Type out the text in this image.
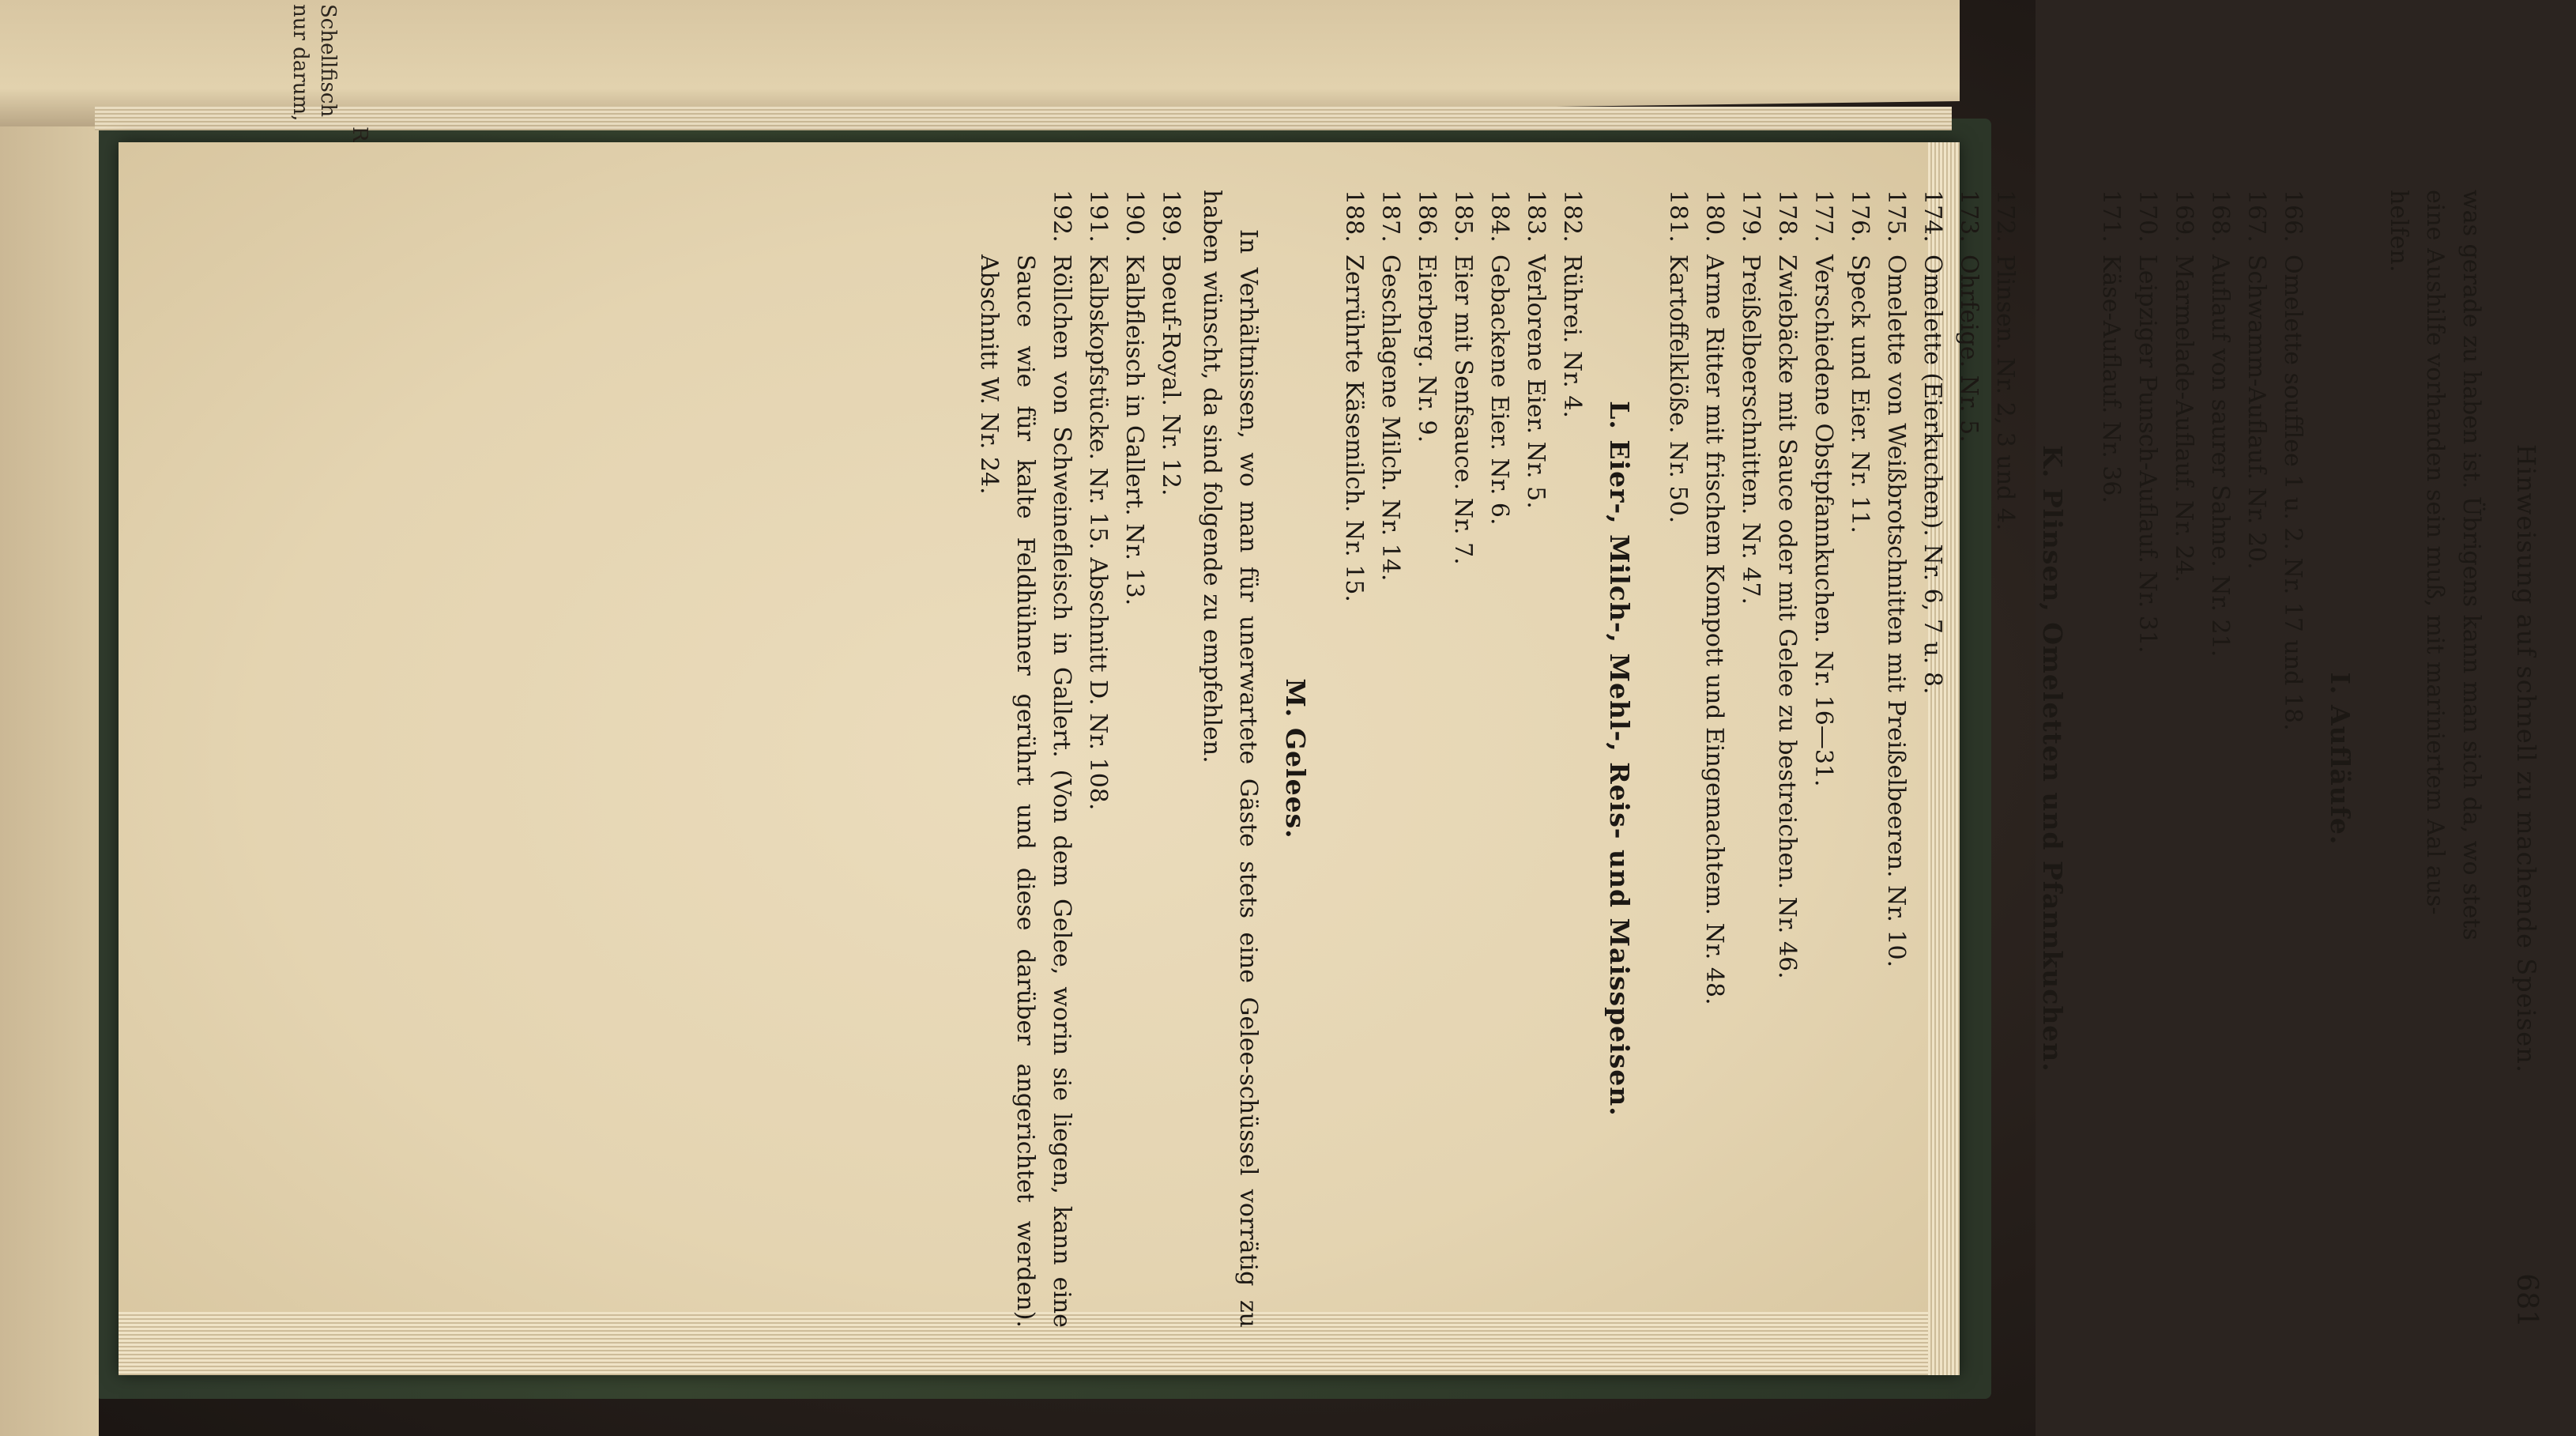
Schellfisch
nur darum,
Hinweisung auf schnell zu machende Speisen.
681

was gerade zu haben ist. Übrigens kann man sich da, wo stets

eine Aushilfe vorhanden sein muß, mit mariniertem Aal aus-

helfen.

I. Aufläufe.
166.
Omelette soufflee 1 u. 2. Nr. 17 und 18.
167.
Schwamm-Auflauf. Nr. 20.
168.
Auflauf von saurer Sahne. Nr. 21.
169.
Marmelade-Auflauf. Nr. 24.
170.
Leipziger Punsch-Auflauf. Nr. 31.
171.
Käse-Auflauf. Nr. 36.
K. Plinsen, Omeletten und Pfannkuchen.
172.
Plinsen. Nr. 2, 3 und 4.
173.
Ohrfeige. Nr. 5.
174.
Omelette (Eierkuchen). Nr. 6, 7 u. 8.
175.
Omelette von Weißbrotschnitten mit Preißelbeeren. Nr. 10.
176.
Speck und Eier. Nr. 11.
177.
Verschiedene Obstpfannkuchen. Nr. 16—31.
178.
Zwiebäcke mit Sauce oder mit Gelee zu bestreichen. Nr. 46.
179.
Preißelbeerschnitten. Nr. 47.
180.
Arme Ritter mit frischem Kompott und Eingemachtem. Nr. 48.
181.
Kartoffelklöße. Nr. 50.
L. Eier-, Milch-, Mehl-, Reis- und Maisspeisen.
182.
Rührei. Nr. 4.
183.
Verlorene Eier. Nr. 5.
184.
Gebackene Eier. Nr. 6.
185.
Eier mit Senfsauce. Nr. 7.
186.
Eierberg. Nr. 9.
187.
Geschlagene Milch. Nr. 14.
188.
Zerrührte Käsemilch. Nr. 15.
M. Gelees.
In Verhältnissen, wo man für unerwartete Gäste stets eine Gelee-schüssel vorrätig zu haben wünscht, da sind folgende zu empfehlen.
189.
Boeuf-Royal. Nr. 12.
190.
Kalbfleisch in Gallert. Nr. 13.
191.
Kalbskopfstücke. Nr. 15. Abschnitt D. Nr. 108.
192.
Röllchen von Schweinefleisch in Gallert. (Von dem Gelee, worin sie liegen, kann eine Sauce wie für kalte Feldhühner gerührt und diese darüber angerichtet werden). Abschnitt W. Nr. 24.
